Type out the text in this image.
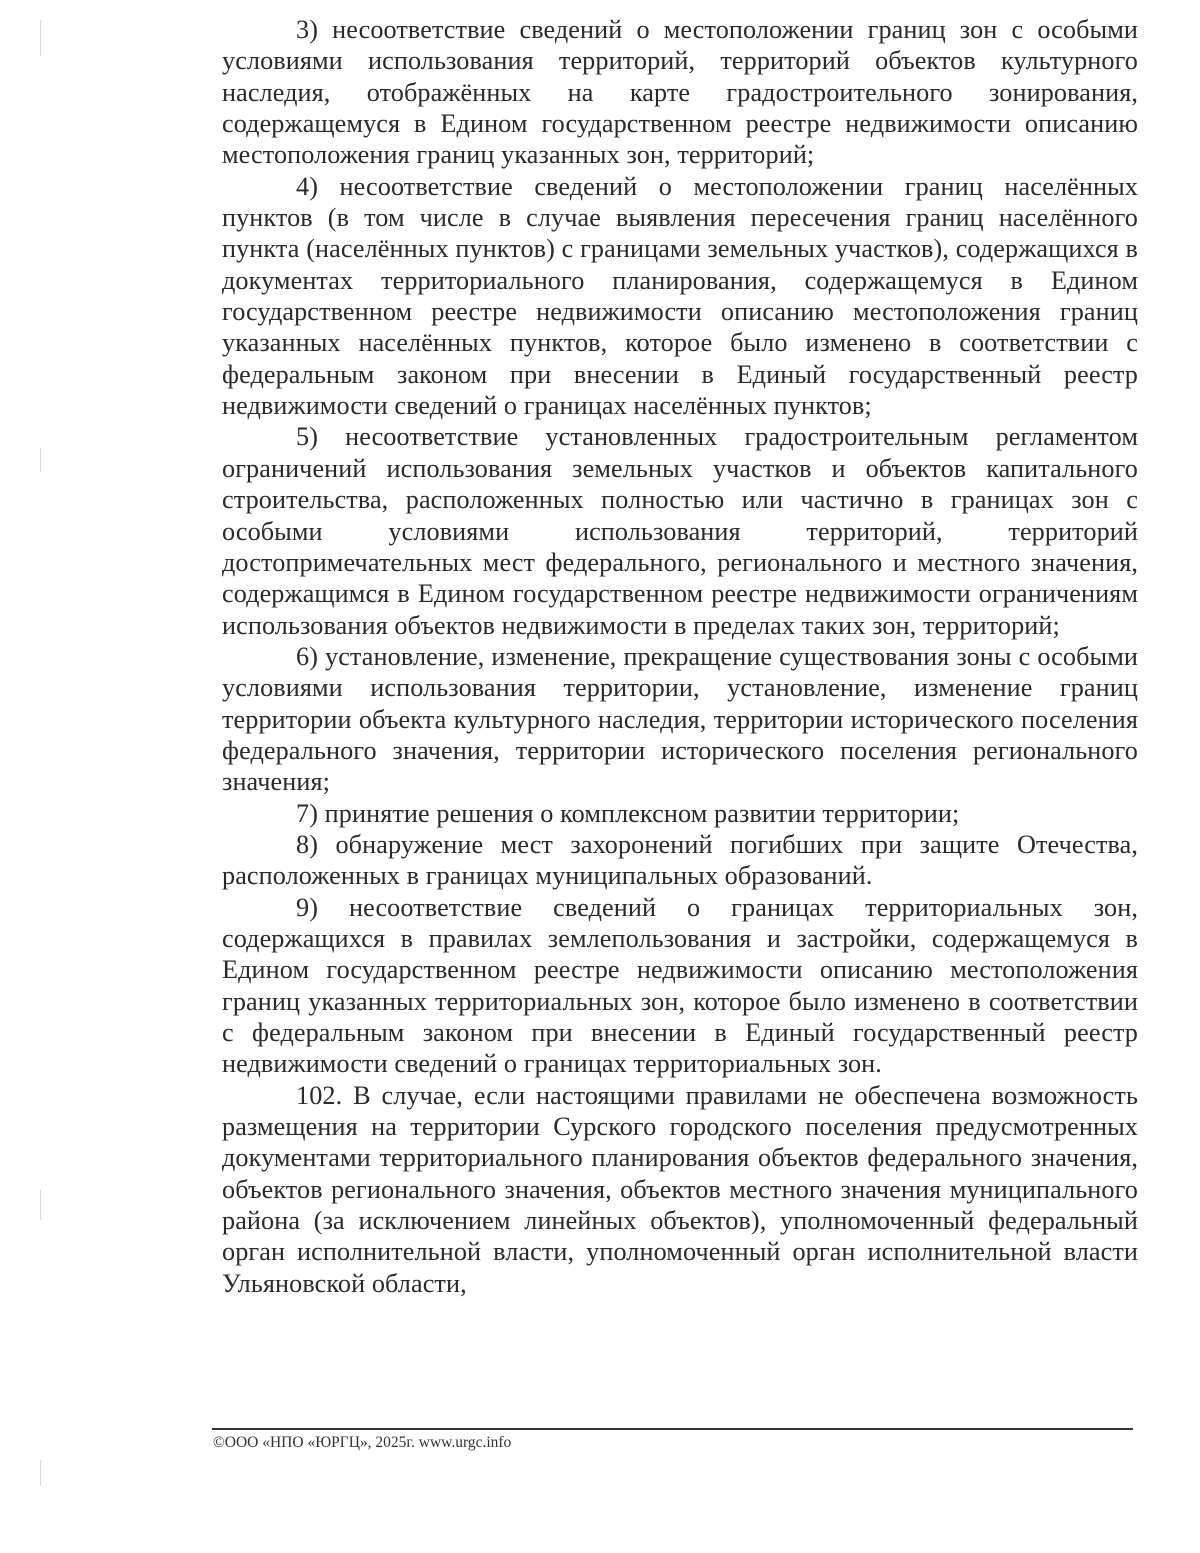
3) несоответствие сведений о местоположении границ зон с особыми условиями использования территорий, территорий объектов культурного наследия, отображённых на карте градостроительного зонирования, содержащемуся в Едином государственном реестре недвижимости описанию местоположения границ указанных зон, территорий;

4) несоответствие сведений о местоположении границ населённых пунктов (в том числе в случае выявления пересечения границ населённого пункта (населённых пунктов) с границами земельных участков), содержащихся в документах территориального планирования, содержащемуся в Едином государственном реестре недвижимости описанию местоположения границ указанных населённых пунктов, которое было изменено в соответствии с федеральным законом при внесении в Единый государственный реестр недвижимости сведений о границах населённых пунктов;

5) несоответствие установленных градостроительным регламентом ограничений использования земельных участков и объектов капитального строительства, расположенных полностью или частично в границах зон с особыми условиями использования территорий, территорий достопримечательных мест федерального, регионального и местного значения, содержащимся в Едином государственном реестре недвижимости ограничениям использования объектов недвижимости в пределах таких зон, территорий;

6) установление, изменение, прекращение существования зоны с особыми условиями использования территории, установление, изменение границ территории объекта культурного наследия, территории исторического поселения федерального значения, территории исторического поселения регионального значения;

7) принятие решения о комплексном развитии территории;

8) обнаружение мест захоронений погибших при защите Отечества, расположенных в границах муниципальных образований.

9) несоответствие сведений о границах территориальных зон, содержащихся в правилах землепользования и застройки, содержащемуся в Едином государственном реестре недвижимости описанию местоположения границ указанных территориальных зон, которое было изменено в соответствии с федеральным законом при внесении в Единый государственный реестр недвижимости сведений о границах территориальных зон.

102. В случае, если настоящими правилами не обеспечена возможность размещения на территории Сурского городского поселения предусмотренных документами территориального планирования объектов федерального значения, объектов регионального значения, объектов местного значения муниципального района (за исключением линейных объектов), уполномоченный федеральный орган исполнительной власти, уполномоченный орган исполнительной власти Ульяновской области,

©ООО «НПО «ЮРГЦ», 2025г. www.urgc.info
